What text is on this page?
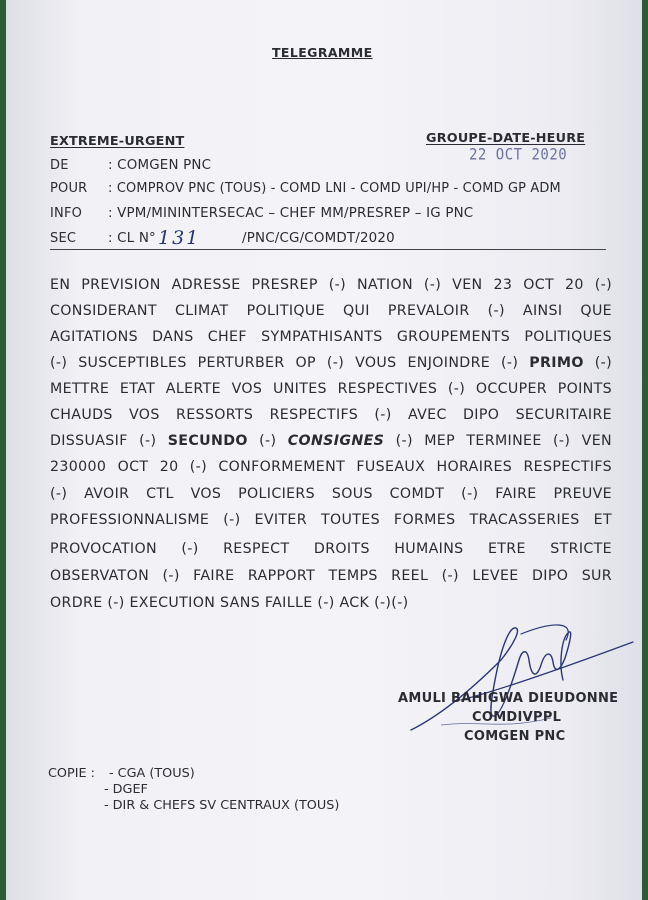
TELEGRAMME
EXTREME-URGENT	GROUPE-DATE-HEURE
22 OCT 2020
DE	: COMGEN PNC
POUR : COMPROV PNC (TOUS) - COMD LNI - COMD UPI/HP - COMD GP ADM
INFO : VPM/MININTERSECAC – CHEF MM/PRESREP – IG PNC
SEC : CL N° 131	/PNC/CG/COMDT/2020
EN PREVISION ADRESSE PRESREP (-) NATION (-) VEN 23 OCT 20 (-)
CONSIDERANT CLIMAT POLITIQUE QUI PREVALOIR (-) AINSI QUE
AGITATIONS DANS CHEF SYMPATHISANTS GROUPEMENTS POLITIQUES
(-) SUSCEPTIBLES PERTURBER OP (-) VOUS ENJOINDRE (-) PRIMO (-)
METTRE ETAT ALERTE VOS UNITES RESPECTIVES (-) OCCUPER POINTS
CHAUDS VOS RESSORTS RESPECTIFS (-) AVEC DIPO SECURITAIRE
DISSUASIF (-) SECUNDO (-) CONSIGNES (-) MEP TERMINEE (-) VEN
230000 OCT 20 (-) CONFORMEMENT FUSEAUX HORAIRES RESPECTIFS
(-) AVOIR CTL VOS POLICIERS SOUS COMDT (-) FAIRE PREUVE
PROFESSIONNALISME (-) EVITER TOUTES FORMES TRACASSERIES ET
PROVOCATION (-) RESPECT DROITS HUMAINS ETRE STRICTE
OBSERVATON (-) FAIRE RAPPORT TEMPS REEL (-) LEVEE DIPO SUR
ORDRE (-) EXECUTION SANS FAILLE (-) ACK (-)(-)
AMULI BAHIGWA DIEUDONNE
COMDIVPPL
COMGEN PNC
COPIE : - CGA (TOUS)
- DGEF
- DIR & CHEFS SV CENTRAUX (TOUS)
